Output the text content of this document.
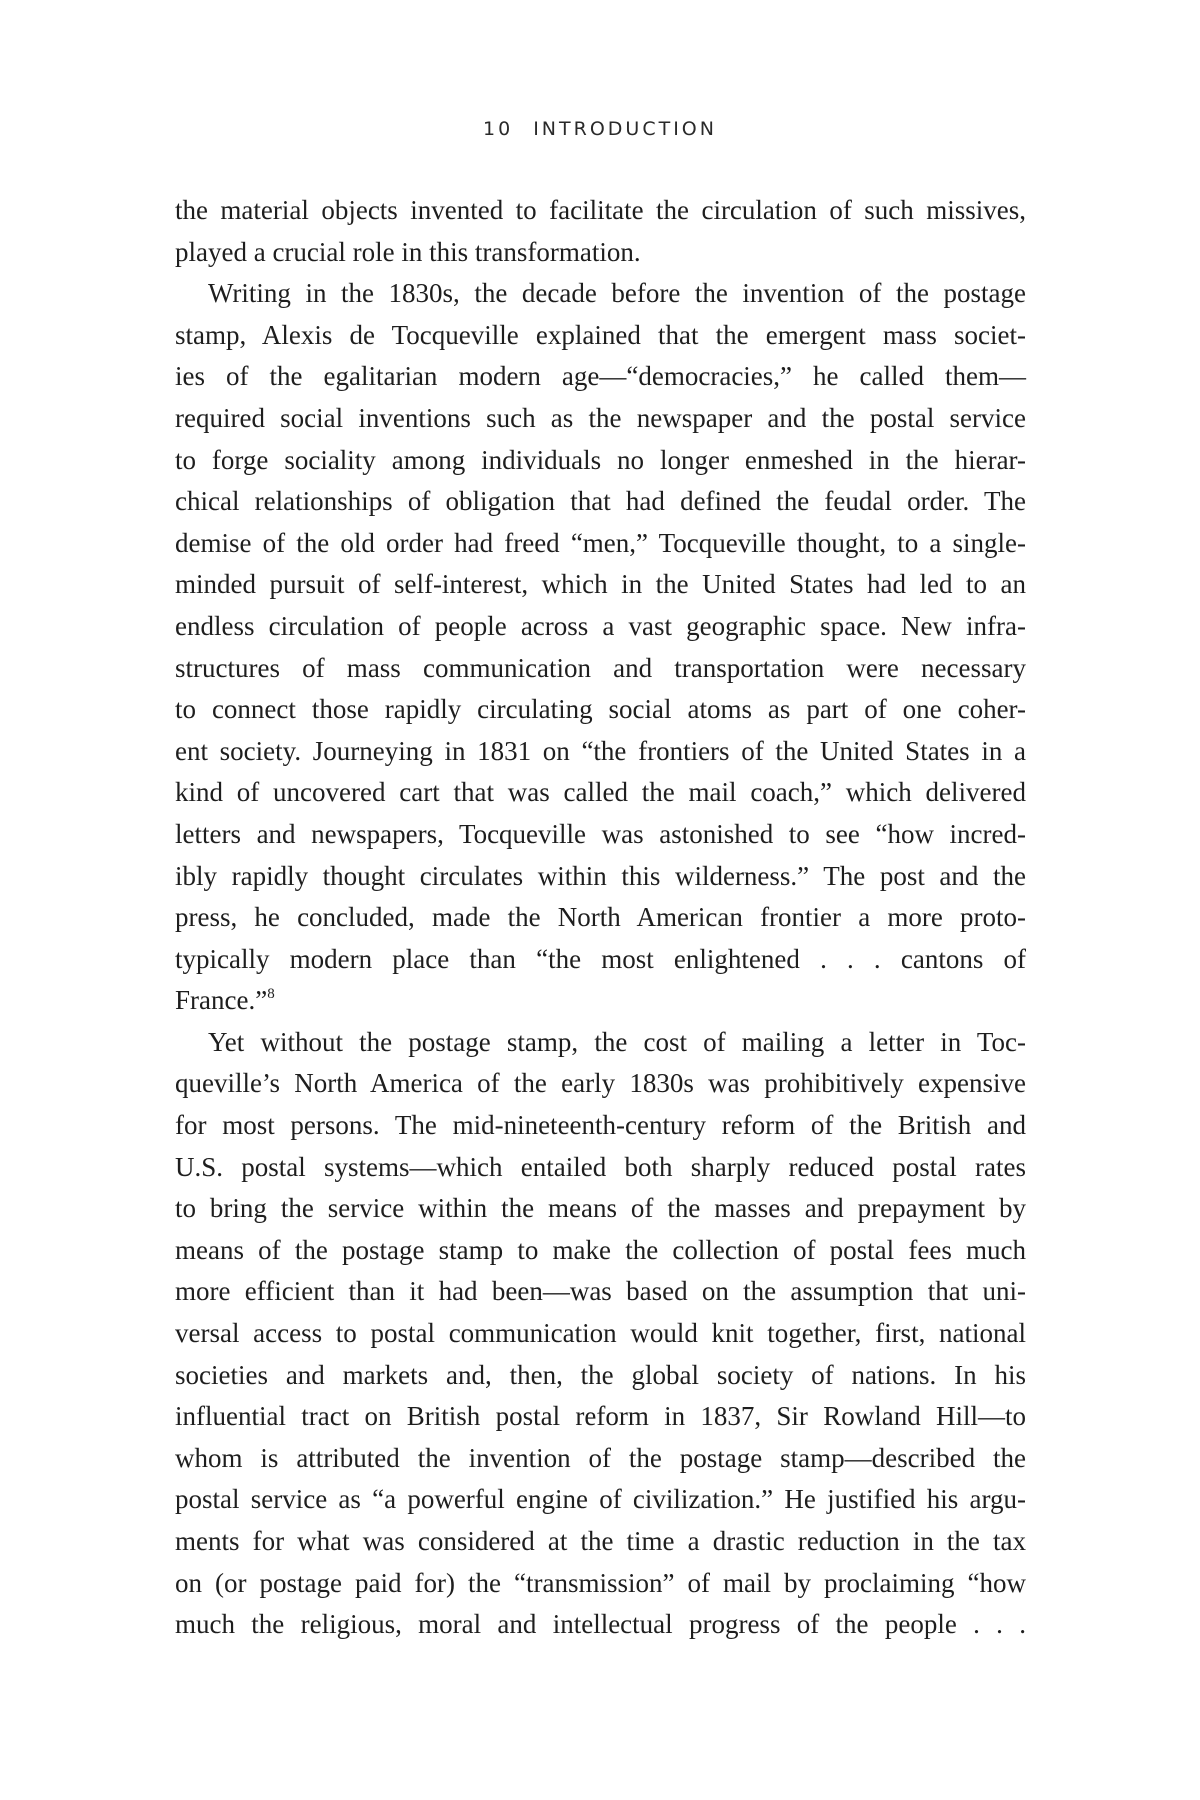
10 INTRODUCTION
the material objects invented to facilitate the circulation of such missives,
played a crucial role in this transformation.
Writing in the 1830s, the decade before the invention of the postage
stamp, Alexis de Tocqueville explained that the emergent mass societ-
ies of the egalitarian modern age—“democracies,” he called them—
required social inventions such as the newspaper and the postal service
to forge sociality among individuals no longer enmeshed in the hierar-
chical relationships of obligation that had defined the feudal order. The
demise of the old order had freed “men,” Tocqueville thought, to a single-
minded pursuit of self-interest, which in the United States had led to an
endless circulation of people across a vast geographic space. New infra-
structures of mass communication and transportation were necessary
to connect those rapidly circulating social atoms as part of one coher-
ent society. Journeying in 1831 on “the frontiers of the United States in a
kind of uncovered cart that was called the mail coach,” which delivered
letters and newspapers, Tocqueville was astonished to see “how incred-
ibly rapidly thought circulates within this wilderness.” The post and the
press, he concluded, made the North American frontier a more proto-
typically modern place than “the most enlightened . . . cantons of
France.”$^8$
Yet without the postage stamp, the cost of mailing a letter in Toc-
queville’s North America of the early 1830s was prohibitively expensive
for most persons. The mid-nineteenth-century reform of the British and
U.S. postal systems—which entailed both sharply reduced postal rates
to bring the service within the means of the masses and prepayment by
means of the postage stamp to make the collection of postal fees much
more efficient than it had been—was based on the assumption that uni-
versal access to postal communication would knit together, first, national
societies and markets and, then, the global society of nations. In his
influential tract on British postal reform in 1837, Sir Rowland Hill—to
whom is attributed the invention of the postage stamp—described the
postal service as “a powerful engine of civilization.” He justified his argu-
ments for what was considered at the time a drastic reduction in the tax
on (or postage paid for) the “transmission” of mail by proclaiming “how
much the religious, moral and intellectual progress of the people . . .
